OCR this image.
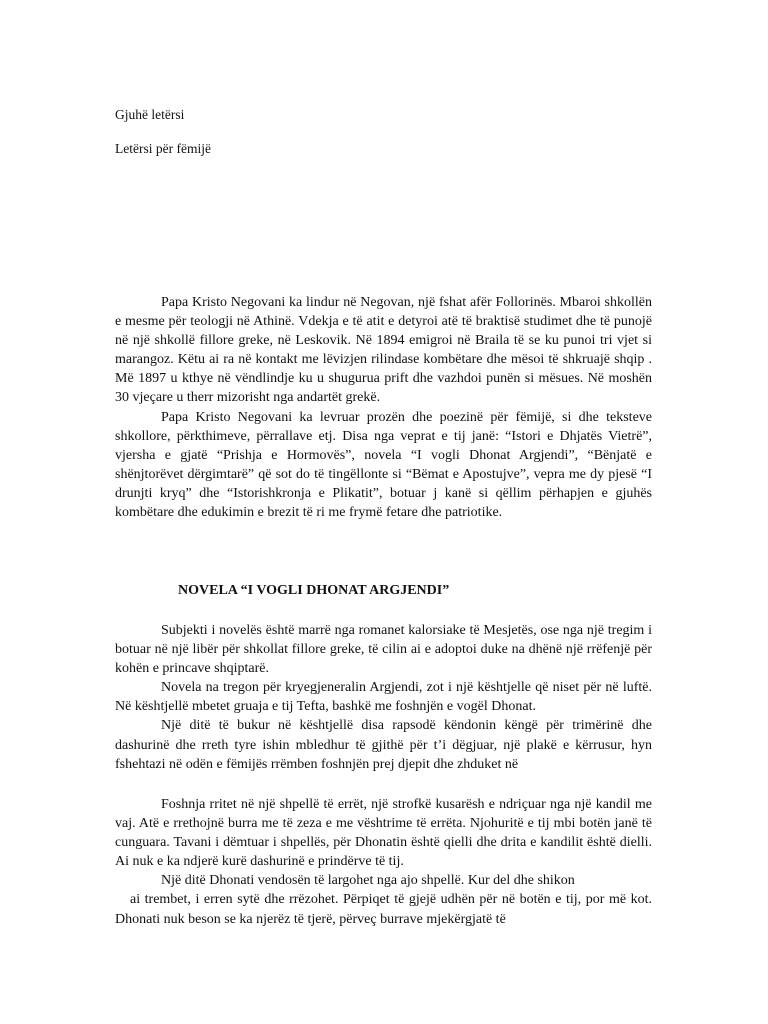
Gjuhë letërsi
Letërsi për fëmijë

Papa Kristo Negovani ka lindur në Negovan, një fshat afër Follorinës. Mbaroi shkollën e mesme për teologji në Athinë. Vdekja e të atit e detyroi atë të braktisë studimet dhe të punojë në një shkollë fillore greke, në Leskovik. Në 1894 emigroi në Braila të se ku punoi tri vjet si marangoz. Këtu ai ra në kontakt me lëvizjen rilindase kombëtare dhe mësoi të shkruajë shqip . Më 1897 u kthye në vëndlindje ku u shugurua prift dhe vazhdoi punën si mësues. Në moshën 30 vjeçare u therr mizorisht nga andartët grekë.

Papa Kristo Negovani ka levruar prozën dhe poezinë për fëmijë, si dhe teksteve shkollore, përkthimeve, përrallave etj. Disa nga veprat e tij janë: “Istori e Dhjatës Vietrë”, vjersha e gjatë “Prishja e Hormovës”, novela “I vogli Dhonat Argjendi”, “Bënjatë e shënjtorëvet dërgimtarë” që sot do të tingëllonte si “Bëmat e Apostujve”, vepra me dy pjesë “I drunjti kryq” dhe “Istorishkronja e Plikatit”, botuar j kanë si qëllim përhapjen e gjuhës kombëtare dhe edukimin e brezit të ri me frymë fetare dhe patriotike.

NOVELA “I VOGLI DHONAT ARGJENDI”

Subjekti i novelës është marrë nga romanet kalorsiake të Mesjetës, ose nga një tregim i botuar në një libër për shkollat fillore greke, të cilin ai e adoptoi duke na dhënë një rrëfenjë për kohën e princave shqiptarë.

Novela na tregon për kryegjeneralin Argjendi, zot i një kështjelle që niset për në luftë. Në kështjellë mbetet gruaja e tij Tefta, bashkë me foshnjën e vogël Dhonat.

Një ditë të bukur në kështjellë disa rapsodë këndonin këngë për trimërinë dhe dashurinë dhe rreth tyre ishin mbledhur të gjithë për t’i dëgjuar, një plakë e kërrusur, hyn fshehtazi në odën e fëmijës rrëmben foshnjën prej djepit dhe zhduket në

Foshnja rritet në një shpellë të errët, një strofkë kusarësh e ndriçuar nga një kandil me vaj. Atë e rrethojnë burra me të zeza e me vështrime të errëta. Njohuritë e tij mbi botën janë të cunguara. Tavani i dëmtuar i shpellës, për Dhonatin është qielli dhe drita e kandilit është dielli. Ai nuk e ka ndjerë kurë dashurinë e prindërve të tij.

Një ditë Dhonati vendosën të largohet nga ajo shpellë. Kur del dhe shikon

ai trembet, i erren sytë dhe rrëzohet. Përpiqet të gjejë udhën për në botën e tij, por më kot. Dhonati nuk beson se ka njerëz të tjerë, përveç burrave mjekërgjatë të
